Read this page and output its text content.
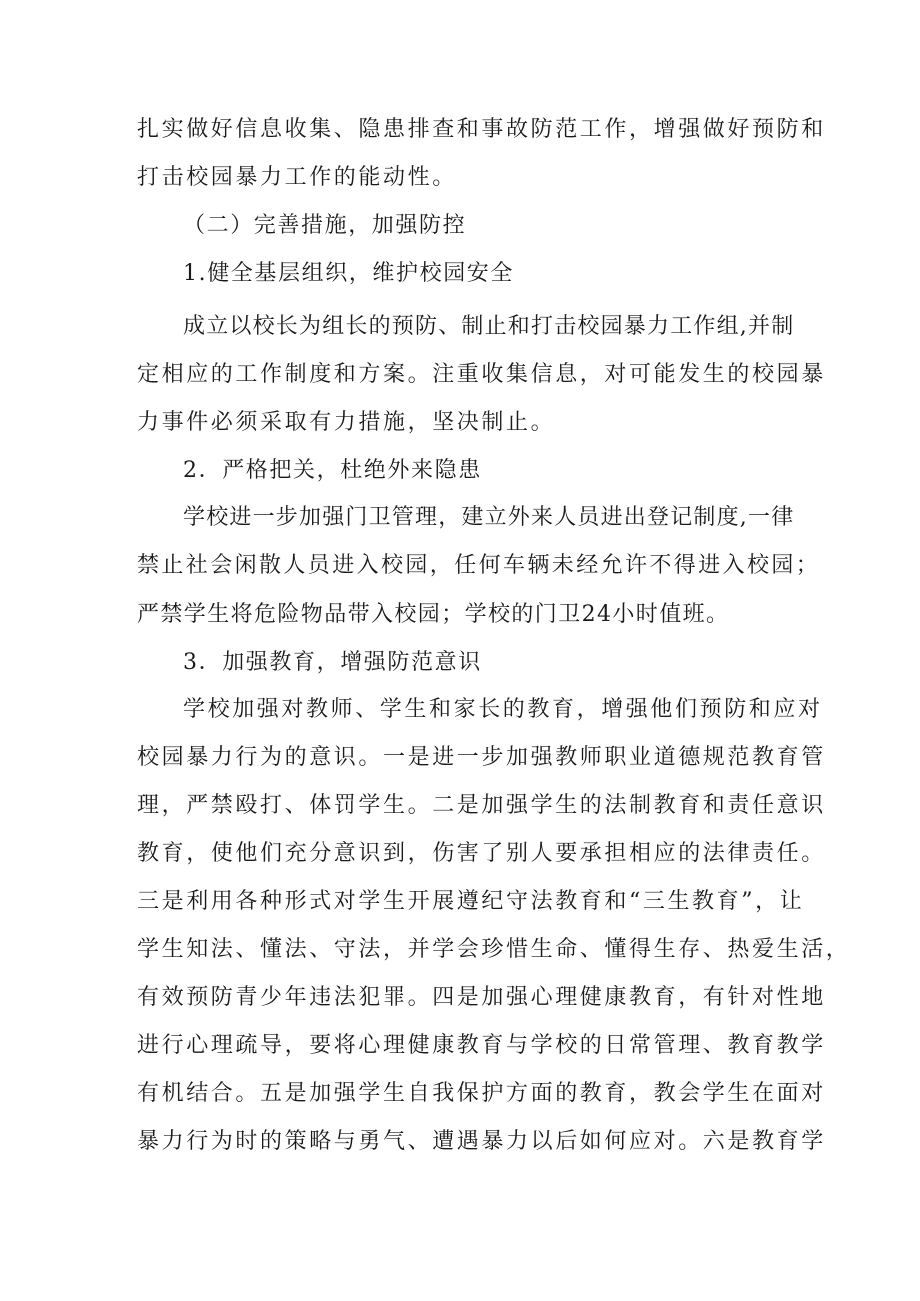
扎实做好信息收集、隐患排查和事故防范工作，增强做好预防和
打击校园暴力工作的能动性。
（二）完善措施，加强防控
1.健全基层组织，维护校园安全
成立以校长为组长的预防、制止和打击校园暴力工作组,并制
定相应的工作制度和方案。注重收集信息，对可能发生的校园暴
力事件必须采取有力措施，坚决制止。
2．严格把关，杜绝外来隐患
学校进一步加强门卫管理，建立外来人员进出登记制度,一律
禁止社会闲散人员进入校园，任何车辆未经允许不得进入校园；
严禁学生将危险物品带入校园；学校的门卫24小时值班。
3．加强教育，增强防范意识
学校加强对教师、学生和家长的教育，增强他们预防和应对
校园暴力行为的意识。一是进一步加强教师职业道德规范教育管
理，严禁殴打、体罚学生。二是加强学生的法制教育和责任意识
教育，使他们充分意识到，伤害了别人要承担相应的法律责任。
三是利用各种形式对学生开展遵纪守法教育和“三生教育”，让
学生知法、懂法、守法，并学会珍惜生命、懂得生存、热爱生活，
有效预防青少年违法犯罪。四是加强心理健康教育，有针对性地
进行心理疏导，要将心理健康教育与学校的日常管理、教育教学
有机结合。五是加强学生自我保护方面的教育，教会学生在面对
暴力行为时的策略与勇气、遭遇暴力以后如何应对。六是教育学
